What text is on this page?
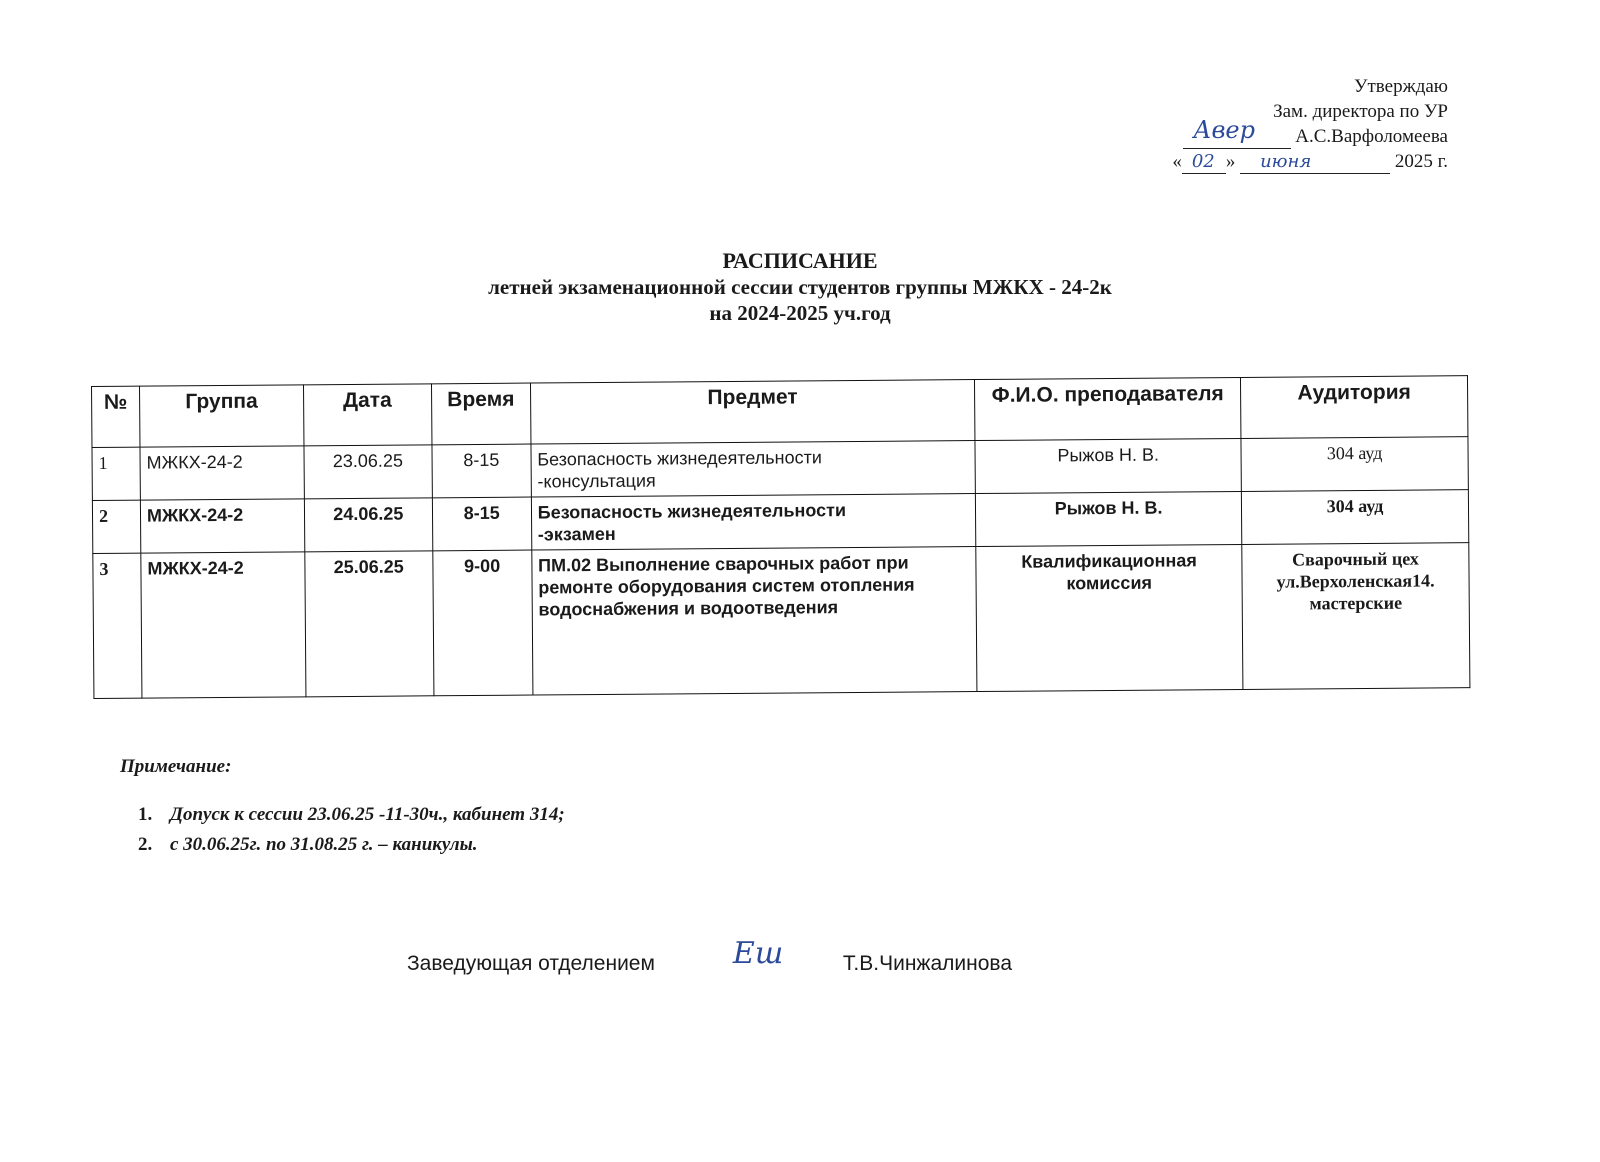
Утверждаю
Зам. директора по УР
Авер А.С.Варфоломеева
« 02 » июня	2025 г.
РАСПИСАНИЕ
летней экзаменационной сессии студентов группы МЖКХ - 24-2к
на 2024-2025 уч.год
№	Группа	Дата	Время	Предмет	Ф.И.О. преподавателя	Аудитория
1	МЖКХ-24-2	23.06.25	8-15	Безопасность жизнедеятельности
-консультация	Рыжов Н. В.	304 ауд
2	МЖКХ-24-2	24.06.25	8-15	Безопасность жизнедеятельности
-экзамен	Рыжов Н. В.	304 ауд
3	МЖКХ-24-2	25.06.25	9-00	ПМ.02 Выполнение сварочных работ при ремонте оборудования систем отопления водоснабжения и водоотведения	Квалификационная комиссия	Сварочный цех ул.Верхоленская14. мастерские
Примечание:
1. Допуск к сессии 23.06.25 -11-30ч., кабинет 314;
2. с 30.06.25г. по 31.08.25 г. – каникулы.
Заведующая отделением	Еш	Т.В.Чинжалинова
